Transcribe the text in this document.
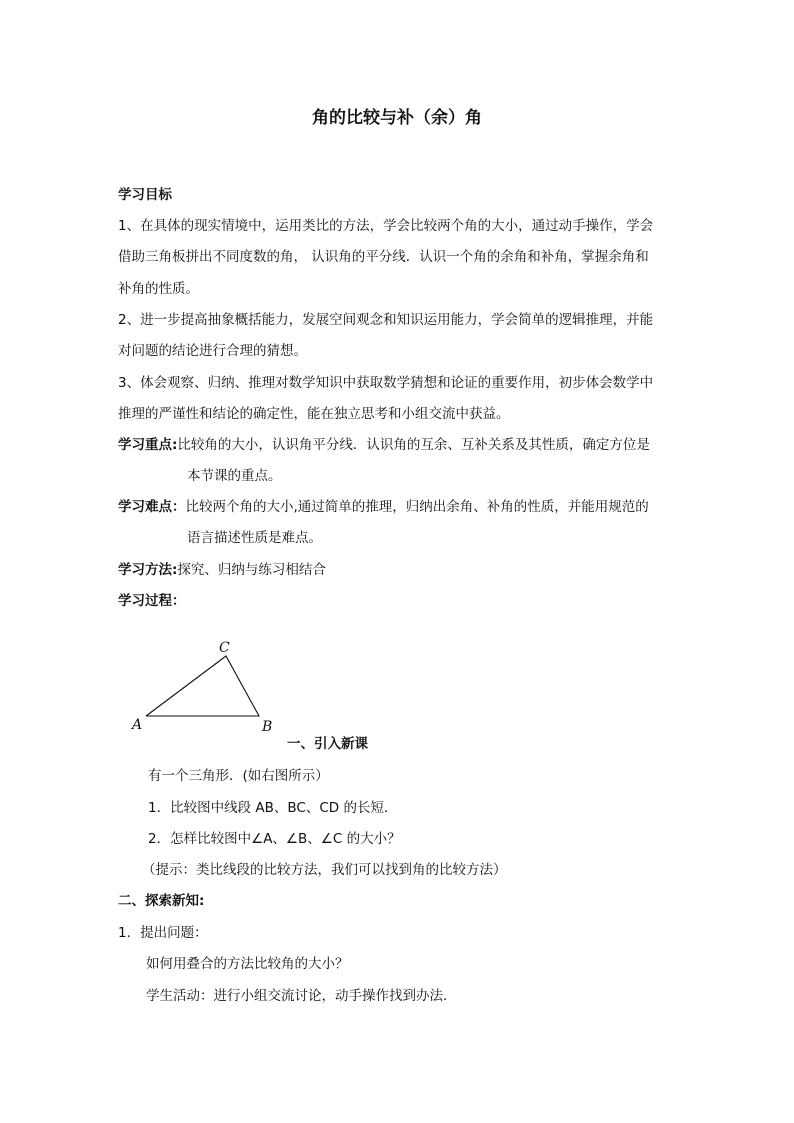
角的比较与补（余）角
学习目标
1、在具体的现实情境中，运用类比的方法，学会比较两个角的大小，通过动手操作，学会
借助三角板拼出不同度数的角， 认识角的平分线．认识一个角的余角和补角，掌握余角和
补角的性质。
2、进一步提高抽象概括能力，发展空间观念和知识运用能力，学会简单的逻辑推理，并能
对问题的结论进行合理的猜想。
3、体会观察、归纳、推理对数学知识中获取数学猜想和论证的重要作用，初步体会数学中
推理的严谨性和结论的确定性，能在独立思考和小组交流中获益。
学习重点:比较角的大小，认识角平分线．认识角的互余、互补关系及其性质，确定方位是
本节课的重点。
学习难点：比较两个角的大小,通过简单的推理，归纳出余角、补角的性质，并能用规范的
语言描述性质是难点。
学习方法:探究、归纳与练习相结合
学习过程：
A	B
C
一、引入新课
有一个三角形．(如右图所示）
1．比较图中线段 AB、BC、CD 的长短．
2．怎样比较图中∠A、∠B、∠C 的大小？
（提示：类比线段的比较方法，我们可以找到角的比较方法）
二、探索新知:
1．提出问题：
如何用叠合的方法比较角的大小？
学生活动：进行小组交流讨论，动手操作找到办法．
